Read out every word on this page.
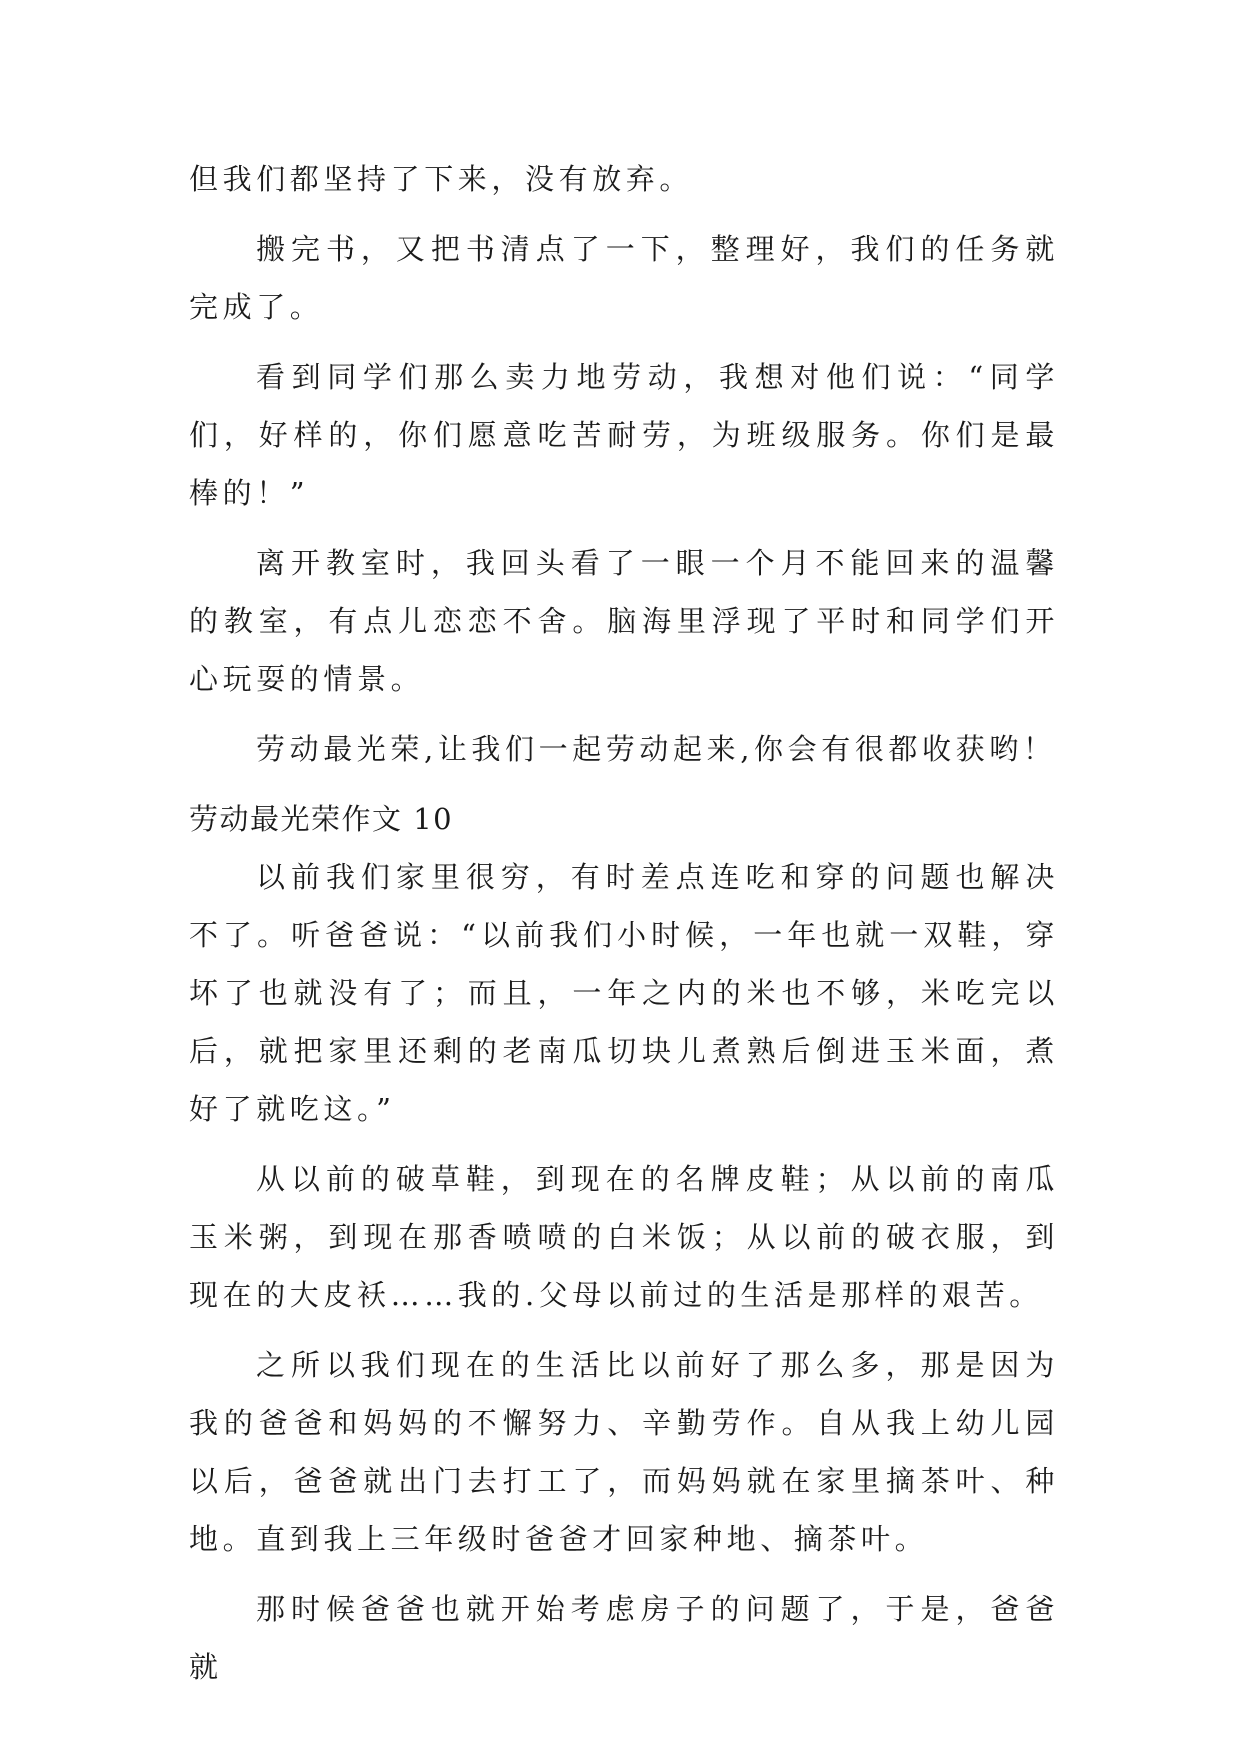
但我们都坚持了下来，没有放弃。

搬完书，又把书清点了一下，整理好，我们的任务就完成了。

看到同学们那么卖力地劳动，我想对他们说：“同学们，好样的，你们愿意吃苦耐劳，为班级服务。你们是最棒的！”

离开教室时，我回头看了一眼一个月不能回来的温馨的教室，有点儿恋恋不舍。脑海里浮现了平时和同学们开心玩耍的情景。

劳动最光荣,让我们一起劳动起来,你会有很都收获哟！

劳动最光荣作文 10

以前我们家里很穷，有时差点连吃和穿的问题也解决不了。听爸爸说：“以前我们小时候，一年也就一双鞋，穿坏了也就没有了；而且，一年之内的米也不够，米吃完以后，就把家里还剩的老南瓜切块儿煮熟后倒进玉米面，煮好了就吃这。”

从以前的破草鞋，到现在的名牌皮鞋；从以前的南瓜玉米粥，到现在那香喷喷的白米饭；从以前的破衣服，到现在的大皮袄……我的.父母以前过的生活是那样的艰苦。

之所以我们现在的生活比以前好了那么多，那是因为我的爸爸和妈妈的不懈努力、辛勤劳作。自从我上幼儿园以后，爸爸就出门去打工了，而妈妈就在家里摘茶叶、种地。直到我上三年级时爸爸才回家种地、摘茶叶。

那时候爸爸也就开始考虑房子的问题了，于是，爸爸就
